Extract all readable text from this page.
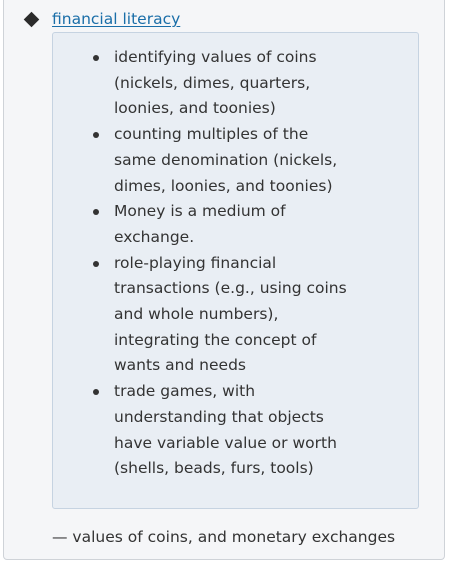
financial literacy
identifying values of coins (nickels, dimes, quarters, loonies, and toonies)
counting multiples of the same denomination (nickels, dimes, loonies, and toonies)
Money is a medium of exchange.
role-playing financial transactions (e.g., using coins and whole numbers), integrating the concept of wants and needs
trade games, with understanding that objects have variable value or worth (shells, beads, furs, tools)
— values of coins, and monetary exchanges
